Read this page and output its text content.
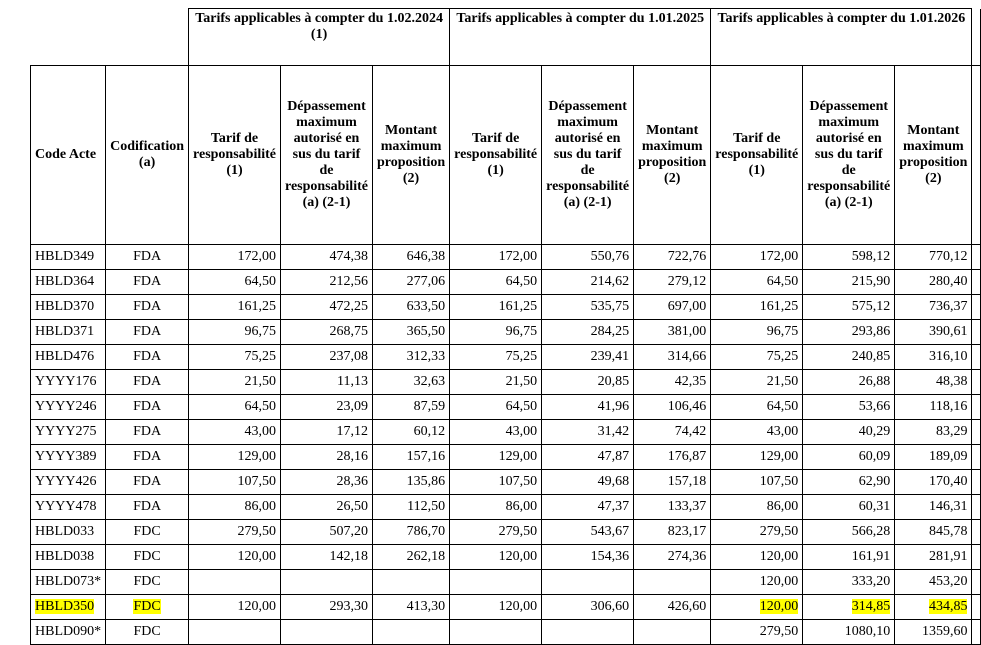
		Tarifs applicables à compter du 1.02.2024 (1)			Tarifs applicables à compter du 1.01.2025			Tarifs applicables à compter du 1.01.2026			
Code Acte	Codification (a)	Tarif de responsabilité (1)	Dépassement maximum autorisé en sus du tarif de responsabilité (a) (2-1)	Montant maximum proposition (2)	Tarif de responsabilité (1)	Dépassement maximum autorisé en sus du tarif de responsabilité (a) (2-1)	Montant maximum proposition (2)	Tarif de responsabilité (1)	Dépassement maximum autorisé en sus du tarif de responsabilité (a) (2-1)	Montant maximum proposition (2)	
HBLD349	FDA	172,00	474,38	646,38	172,00	550,76	722,76	172,00	598,12	770,12	
HBLD364	FDA	64,50	212,56	277,06	64,50	214,62	279,12	64,50	215,90	280,40	
HBLD370	FDA	161,25	472,25	633,50	161,25	535,75	697,00	161,25	575,12	736,37	
HBLD371	FDA	96,75	268,75	365,50	96,75	284,25	381,00	96,75	293,86	390,61	
HBLD476	FDA	75,25	237,08	312,33	75,25	239,41	314,66	75,25	240,85	316,10	
YYYY176	FDA	21,50	11,13	32,63	21,50	20,85	42,35	21,50	26,88	48,38	
YYYY246	FDA	64,50	23,09	87,59	64,50	41,96	106,46	64,50	53,66	118,16	
YYYY275	FDA	43,00	17,12	60,12	43,00	31,42	74,42	43,00	40,29	83,29	
YYYY389	FDA	129,00	28,16	157,16	129,00	47,87	176,87	129,00	60,09	189,09	
YYYY426	FDA	107,50	28,36	135,86	107,50	49,68	157,18	107,50	62,90	170,40	
YYYY478	FDA	86,00	26,50	112,50	86,00	47,37	133,37	86,00	60,31	146,31	
HBLD033	FDC	279,50	507,20	786,70	279,50	543,67	823,17	279,50	566,28	845,78	
HBLD038	FDC	120,00	142,18	262,18	120,00	154,36	274,36	120,00	161,91	281,91	
HBLD073*	FDC							120,00	333,20	453,20	
HBLD350	FDC	120,00	293,30	413,30	120,00	306,60	426,60	120,00	314,85	434,85	
HBLD090*	FDC							279,50	1080,10	1359,60	
